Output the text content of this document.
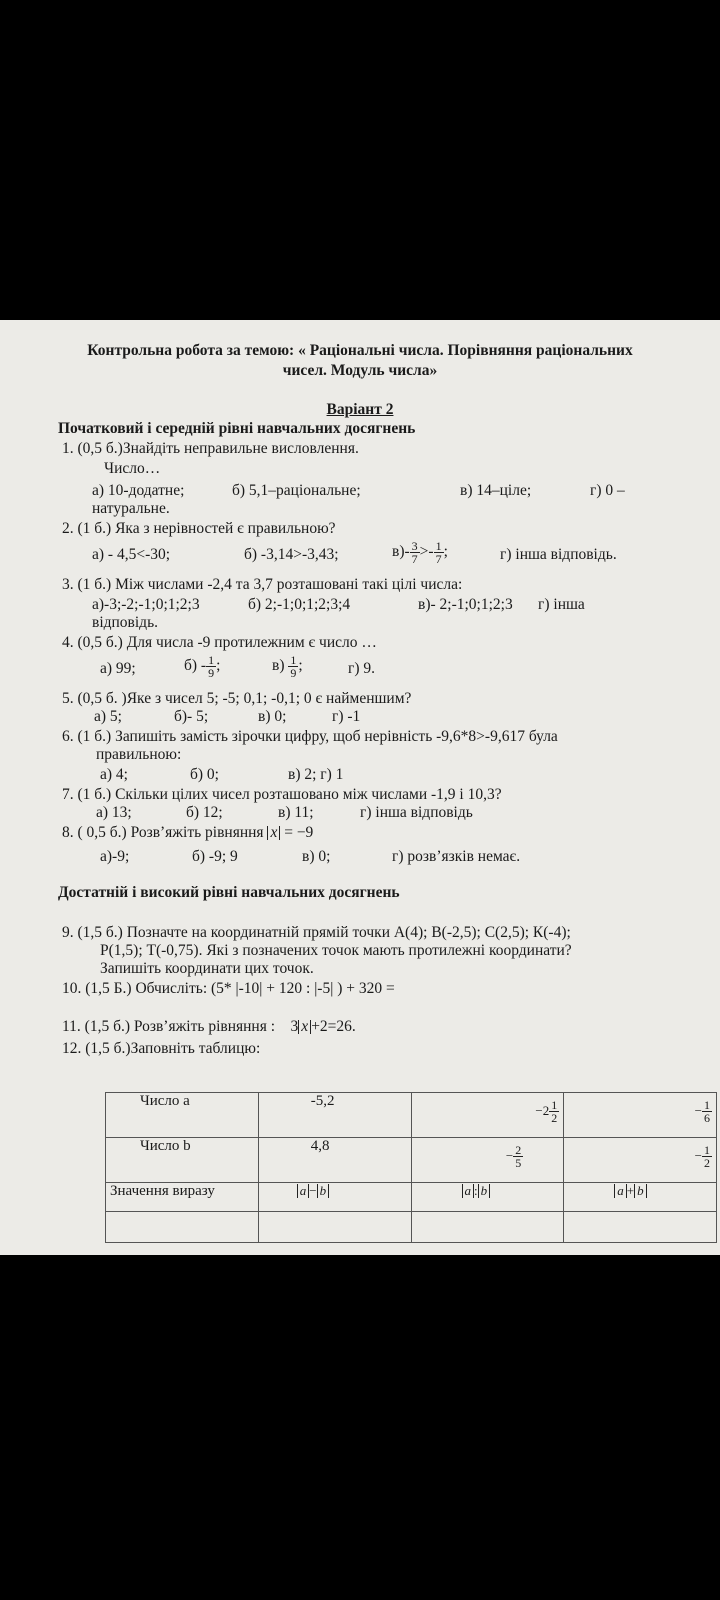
Контрольна робота за темою: « Раціональні числа. Порівняння раціональних
чисел. Модуль числа»
Варіант 2
Початковий і середній рівні навчальних досягнень
1. (0,5 б.)Знайдіть неправильне висловлення.
Число…
а) 10-додатне;	б) 5,1–раціональне;	в) 14–ціле;	г) 0 –
натуральне.
2. (1 б.) Яка з нерівностей є правильною?
а) - 4,5<-30;	б) -3,14>-3,43;	$в)- \frac{3}{7} >- \frac{1}{7}$ ;	г) інша відповідь.
3. (1 б.) Між числами -2,4 та 3,7 розташовані такі цілі числа:
а)-3;-2;-1;0;1;2;3	б) 2;-1;0;1;2;3;4	в)- 2;-1;0;1;2;3 г) інша
відповідь.
4. (0,5 б.) Для числа -9 протилежним є число …
а) 99;	$б) - \frac{1}{9}$ ;	$в) \frac{1}{9}$ ;	г) 9.
5. (0,5 б. )Яке з чисел 5; -5; 0,1; -0,1; 0 є найменшим?
а) 5;	б)- 5;	в) 0;	г) -1
6. (1 б.) Запишіть замість зірочки цифру, щоб нерівність -9,6*8>-9,617 була
правильною:
а) 4;	б) 0;	в) 2; г) 1
7. (1 б.) Скільки цілих чисел розташовано між числами -1,9 і 10,3?
а) 13;	б) 12;	в) 11;	г) інша відповідь
8. ( 0,5 б.) Розв’яжіть рівняння x = −9
а)-9;	б) -9; 9	в) 0;	г) розв’язків немає.
Достатній і високий рівні навчальних досягнень
9. (1,5 б.) Позначте на координатній прямій точки А(4); В(-2,5); С(2,5); К(-4);
Р(1,5); Т(-0,75). Які з позначених точок мають протилежні координати?
Запишіть координати цих точок.
10. (1,5 Б.) Обчисліть: (5* |-10| + 120 : |-5| ) + 320 =
11. (1,5 б.) Розв’яжіть рівняння : 3 x +2=26.
12. (1,5 б.)Заповніть таблицю:
Число а	-5,2	$-2 \frac{1}{2}$	− $\frac{1}{6}$

Число b	4,8	− $\frac{2}{5}$	− $\frac{1}{2}$

Значення виразу	a − b	a : b	a + b
